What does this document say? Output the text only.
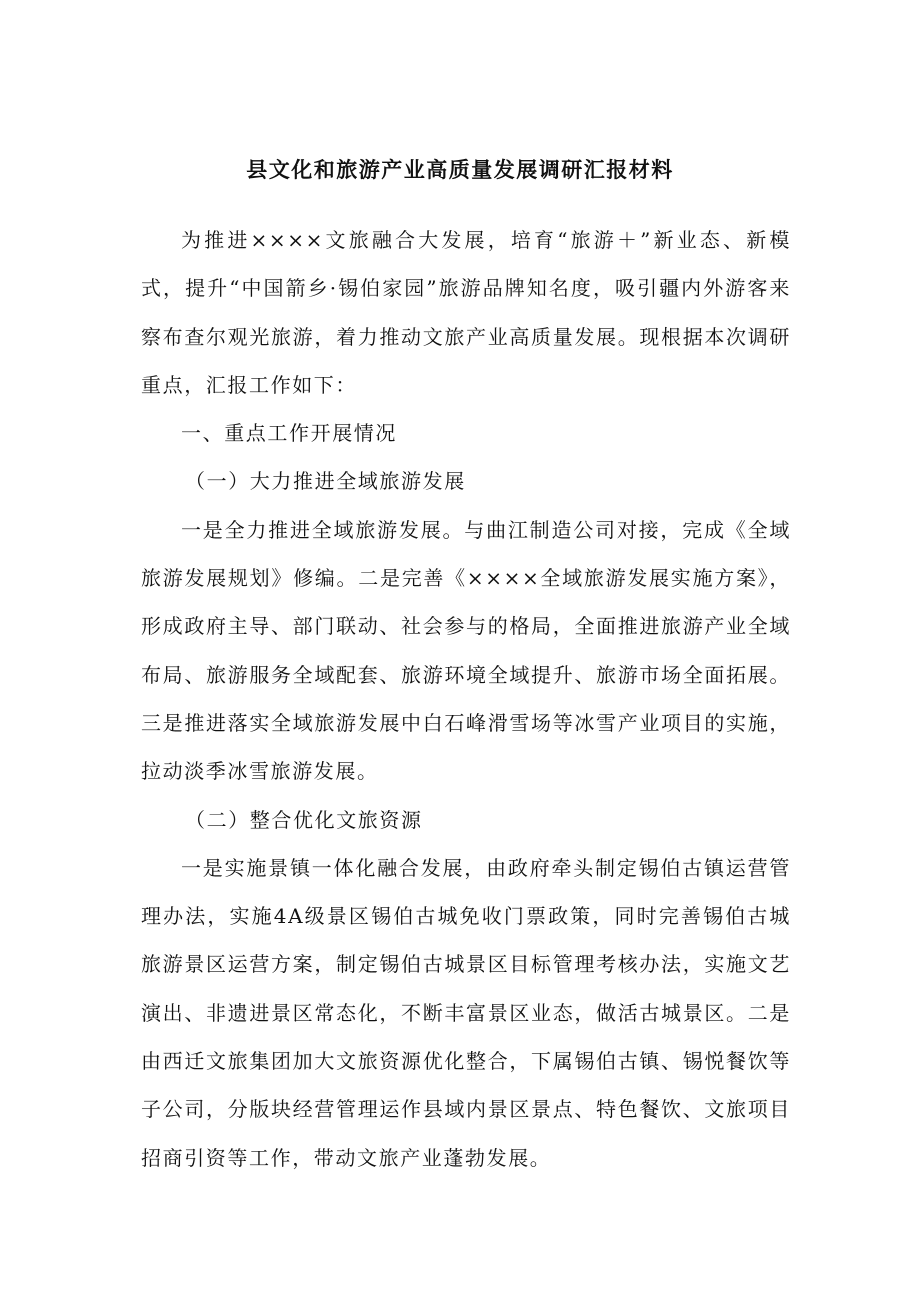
县文化和旅游产业高质量发展调研汇报材料

为推进××××文旅融合大发展，培育“旅游＋”新业态、新模式，提升“中国箭乡·锡伯家园”旅游品牌知名度，吸引疆内外游客来察布查尔观光旅游，着力推动文旅产业高质量发展。现根据本次调研重点，汇报工作如下：

一、重点工作开展情况

（一）大力推进全域旅游发展

一是全力推进全域旅游发展。与曲江制造公司对接，完成《全域旅游发展规划》修编。二是完善《××××全域旅游发展实施方案》，形成政府主导、部门联动、社会参与的格局，全面推进旅游产业全域布局、旅游服务全域配套、旅游环境全域提升、旅游市场全面拓展。三是推进落实全域旅游发展中白石峰滑雪场等冰雪产业项目的实施，拉动淡季冰雪旅游发展。

（二）整合优化文旅资源

一是实施景镇一体化融合发展，由政府牵头制定锡伯古镇运营管理办法，实施4A级景区锡伯古城免收门票政策，同时完善锡伯古城旅游景区运营方案，制定锡伯古城景区目标管理考核办法，实施文艺演出、非遗进景区常态化，不断丰富景区业态，做活古城景区。二是由西迁文旅集团加大文旅资源优化整合，下属锡伯古镇、锡悦餐饮等子公司，分版块经营管理运作县域内景区景点、特色餐饮、文旅项目招商引资等工作，带动文旅产业蓬勃发展。
